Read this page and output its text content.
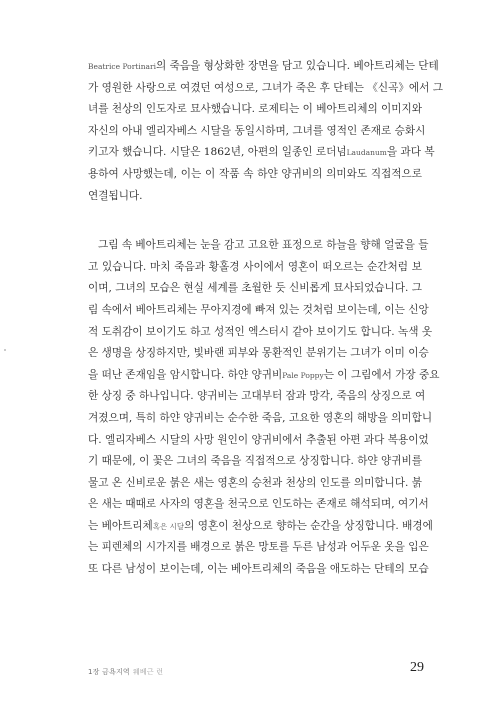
Beatrice Portinari의 죽음을 형상화한 장면을 담고 있습니다. 베아트리체는 단테
가 영원한 사랑으로 여겼던 여성으로, 그녀가 죽은 후 단테는 《신곡》에서 그
녀를 천상의 인도자로 묘사했습니다. 로제티는 이 베아트리체의 이미지와
자신의 아내 엘리자베스 시달을 동일시하며, 그녀를 영적인 존재로 승화시
키고자 했습니다. 시달은 1862년, 아편의 일종인 로더넘Laudanum을 과다 복
용하여 사망했는데, 이는 이 작품 속 하얀 양귀비의 의미와도 직접적으로
연결됩니다.
그림 속 베아트리체는 눈을 감고 고요한 표정으로 하늘을 향해 얼굴을 들
고 있습니다. 마치 죽음과 황홀경 사이에서 영혼이 떠오르는 순간처럼 보
이며, 그녀의 모습은 현실 세계를 초월한 듯 신비롭게 묘사되었습니다. 그
림 속에서 베아트리체는 무아지경에 빠져 있는 것처럼 보이는데, 이는 신앙
적 도취감이 보이기도 하고 성적인 엑스터시 같아 보이기도 합니다. 녹색 옷
은 생명을 상징하지만, 빛바랜 피부와 몽환적인 분위기는 그녀가 이미 이승
을 떠난 존재임을 암시합니다. 하얀 양귀비Pale Poppy는 이 그림에서 가장 중요
한 상징 중 하나입니다. 양귀비는 고대부터 잠과 망각, 죽음의 상징으로 여
겨졌으며, 특히 하얀 양귀비는 순수한 죽음, 고요한 영혼의 해방을 의미합니
다. 엘리자베스 시달의 사망 원인이 양귀비에서 추출된 아편 과다 복용이었
기 때문에, 이 꽃은 그녀의 죽음을 직접적으로 상징합니다. 하얀 양귀비를
물고 온 신비로운 붉은 새는 영혼의 승천과 천상의 인도를 의미합니다. 붉
은 새는 때때로 사자의 영혼을 천국으로 인도하는 존재로 해석되며, 여기서
는 베아트리체혹은 시달의 영혼이 천상으로 향하는 순간을 상징합니다. 배경에
는 피렌체의 시가지를 배경으로 붉은 망토를 두른 남성과 어두운 옷을 입은
또 다른 남성이 보이는데, 이는 베아트리체의 죽음을 애도하는 단테의 모습
1장 금욕지역 웨베근 런	29
